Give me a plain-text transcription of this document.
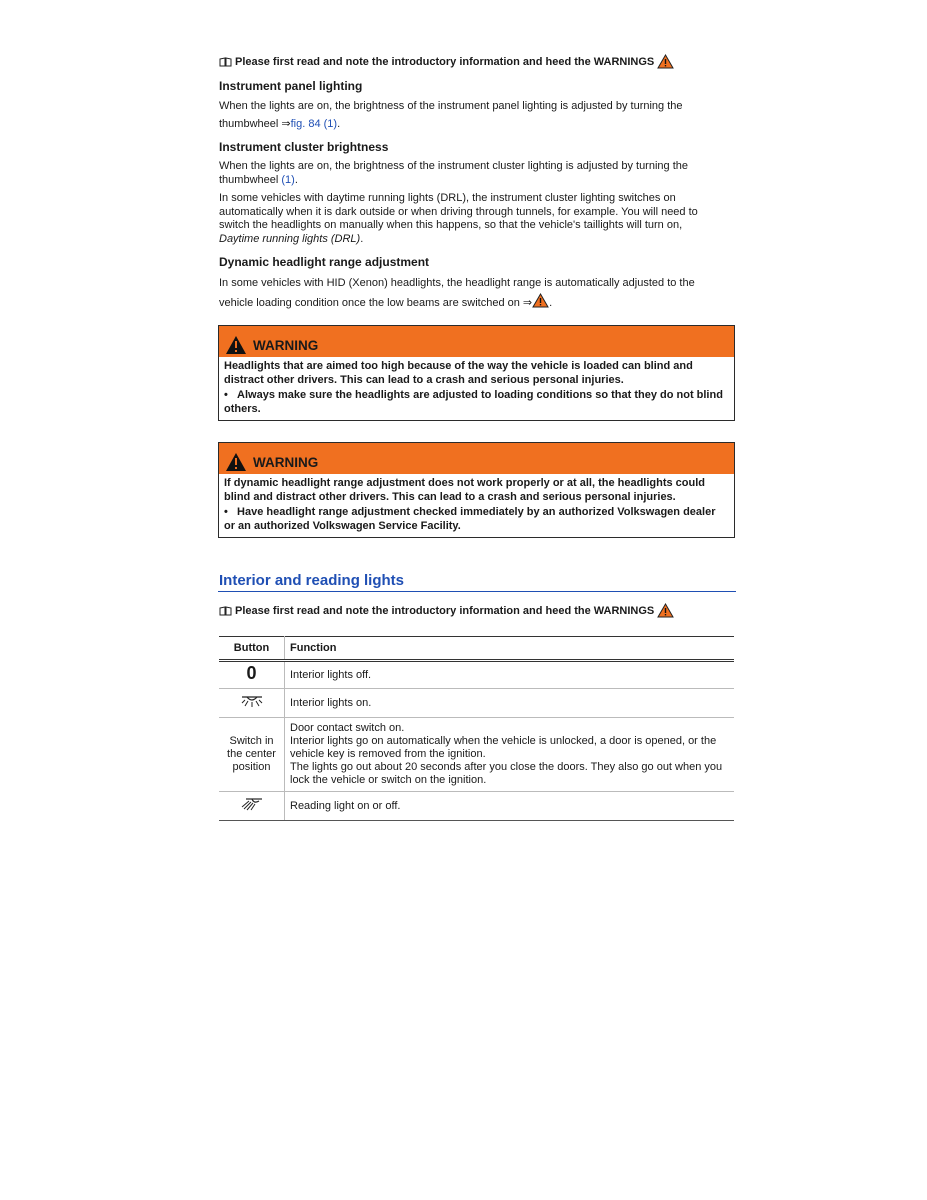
Please first read and note the introductory information and heed the WARNINGS
Instrument panel lighting
When the lights are on, the brightness of the instrument panel lighting is adjusted by turning the thumbwheel ⇒fig. 84 (1).
Instrument cluster brightness
When the lights are on, the brightness of the instrument cluster lighting is adjusted by turning the thumbwheel (1).
In some vehicles with daytime running lights (DRL), the instrument cluster lighting switches on automatically when it is dark outside or when driving through tunnels, for example. You will need to switch the headlights on manually when this happens, so that the vehicle's taillights will turn on, Daytime running lights (DRL).
Dynamic headlight range adjustment
In some vehicles with HID (Xenon) headlights, the headlight range is automatically adjusted to the vehicle loading condition once the low beams are switched on ⇒ .
WARNING
Headlights that are aimed too high because of the way the vehicle is loaded can blind and distract other drivers. This can lead to a crash and serious personal injuries.
•   Always make sure the headlights are adjusted to loading conditions so that they do not blind others.
WARNING
If dynamic headlight range adjustment does not work properly or at all, the headlights could blind and distract other drivers. This can lead to a crash and serious personal injuries.
•   Have headlight range adjustment checked immediately by an authorized Volkswagen dealer or an authorized Volkswagen Service Facility.
Interior and reading lights
Please first read and note the introductory information and heed the WARNINGS
Button	Function
0	Interior lights off.
	Interior lights on.
Switch in the center position	Door contact switch on.
Interior lights go on automatically when the vehicle is unlocked, a door is opened, or the vehicle key is removed from the ignition.
The lights go out about 20 seconds after you close the doors. They also go out when you lock the vehicle or switch on the ignition.

	Reading light on or off.
